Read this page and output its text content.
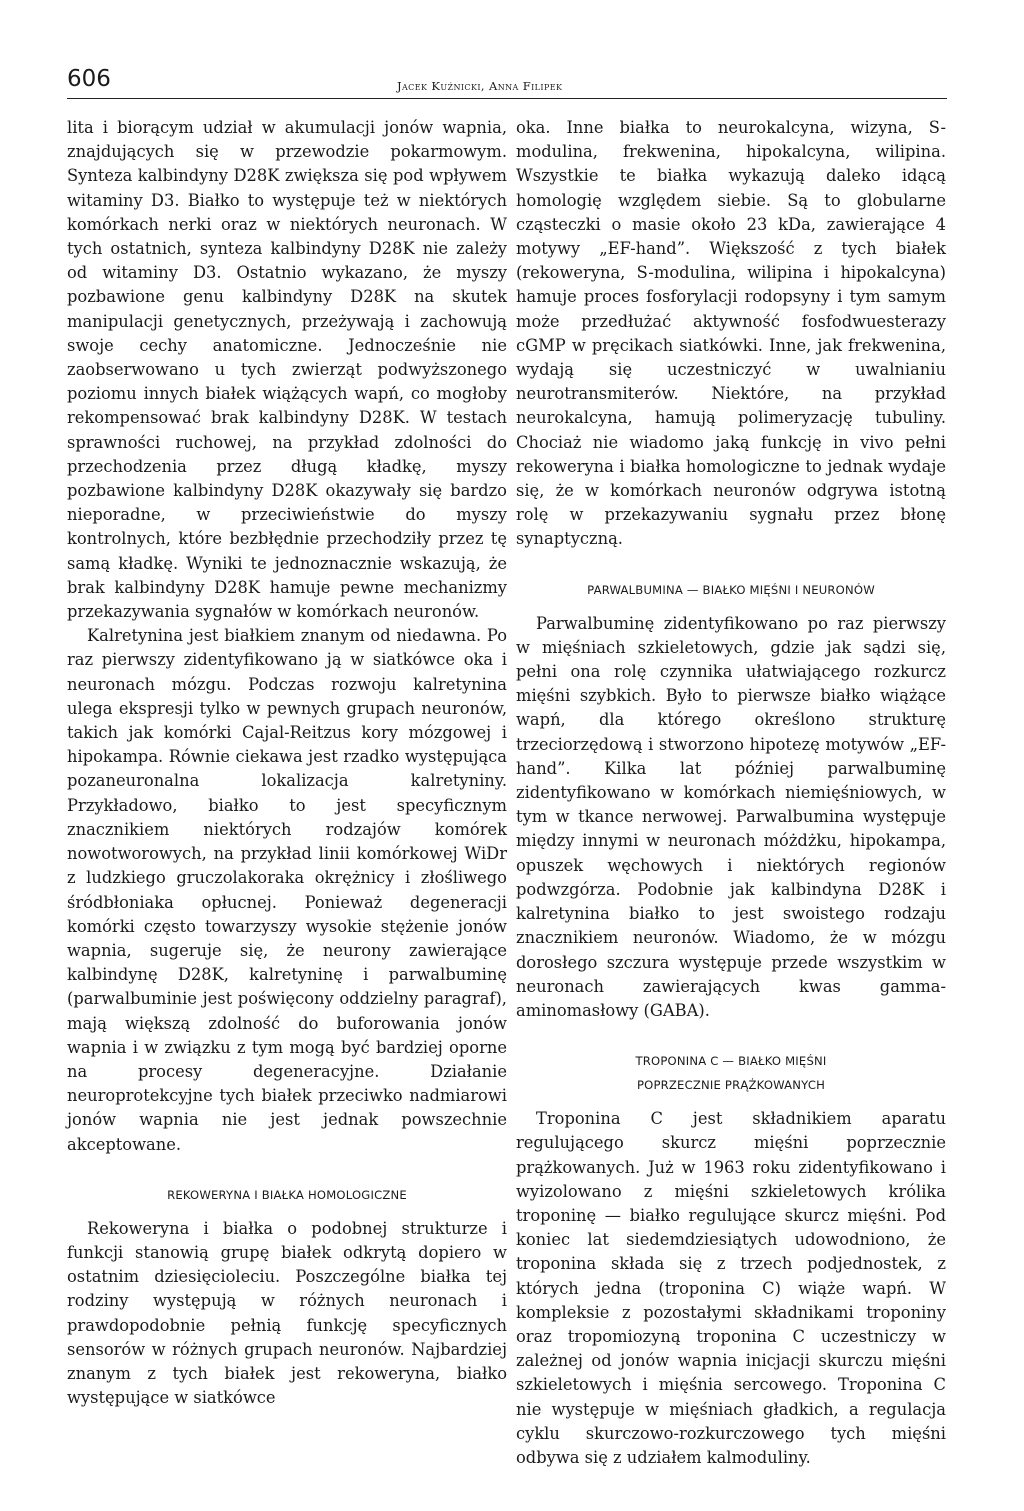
606	Jacek Kuźnicki, Anna Filipek

lita i biorącym udział w akumulacji jonów wapnia, znajdujących się w przewodzie pokarmowym. Synteza kalbindyny D28K zwiększa się pod wpływem witaminy D3. Białko to występuje też w niektórych komórkach nerki oraz w niektórych neuronach. W tych ostatnich, synteza kalbindyny D28K nie zależy od witaminy D3. Ostatnio wykazano, że myszy pozbawione genu kalbindyny D28K na skutek manipulacji genetycznych, przeżywają i zachowują swoje cechy anatomiczne. Jednocześnie nie zaobserwowano u tych zwierząt podwyższonego poziomu innych białek wiążących wapń, co mogłoby rekompensować brak kalbindyny D28K. W testach sprawności ruchowej, na przykład zdolności do przechodzenia przez długą kładkę, myszy pozbawione kalbindyny D28K okazywały się bardzo nieporadne, w przeciwieństwie do myszy kontrolnych, które bezbłędnie przechodziły przez tę samą kładkę. Wyniki te jednoznacznie wskazują, że brak kalbindyny D28K hamuje pewne mechanizmy przekazywania sygnałów w komórkach neuronów.

Kalretynina jest białkiem znanym od niedawna. Po raz pierwszy zidentyfikowano ją w siatkówce oka i neuronach mózgu. Podczas rozwoju kalretynina ulega ekspresji tylko w pewnych grupach neuronów, takich jak komórki Cajal-Reitzus kory mózgowej i hipokampa. Równie ciekawa jest rzadko występująca pozaneuronalna lokalizacja kalretyniny. Przykładowo, białko to jest specyficznym znacznikiem niektórych rodzajów komórek nowotworowych, na przykład linii komórkowej WiDr z ludzkiego gruczolakoraka okrężnicy i złośliwego śródbłoniaka opłucnej. Ponieważ degeneracji komórki często towarzyszy wysokie stężenie jonów wapnia, sugeruje się, że neurony zawierające kalbindynę D28K, kalretyninę i parwalbuminę (parwalbuminie jest poświęcony oddzielny paragraf), mają większą zdolność do buforowania jonów wapnia i w związku z tym mogą być bardziej oporne na procesy degeneracyjne. Działanie neuroprotekcyjne tych białek przeciwko nadmiarowi jonów wapnia nie jest jednak powszechnie akceptowane.

REKOWERYNA I BIAŁKA HOMOLOGICZNE

Rekoweryna i białka o podobnej strukturze i funkcji stanowią grupę białek odkrytą dopiero w ostatnim dziesięcioleciu. Poszczególne białka tej rodziny występują w różnych neuronach i prawdopodobnie pełnią funkcję specyficznych sensorów w różnych grupach neuronów. Najbardziej znanym z tych białek jest rekoweryna, białko występujące w siatkówce

oka. Inne białka to neurokalcyna, wizyna, S-modulina, frekwenina, hipokalcyna, wilipina. Wszystkie te białka wykazują daleko idącą homologię względem siebie. Są to globularne cząsteczki o masie około 23 kDa, zawierające 4 motywy „EF-hand”. Większość z tych białek (rekoweryna, S-modulina, wilipina i hipokalcyna) hamuje proces fosforylacji rodopsyny i tym samym może przedłużać aktywność fosfodwuesterazy cGMP w pręcikach siatkówki. Inne, jak frekwenina, wydają się uczestniczyć w uwalnianiu neurotransmiterów. Niektóre, na przykład neurokalcyna, hamują polimeryzację tubuliny. Chociaż nie wiadomo jaką funkcję in vivo pełni rekoweryna i białka homologiczne to jednak wydaje się, że w komórkach neuronów odgrywa istotną rolę w przekazywaniu sygnału przez błonę synaptyczną.

PARWALBUMINA — BIAŁKO MIĘŚNI I NEURONÓW

Parwalbuminę zidentyfikowano po raz pierwszy w mięśniach szkieletowych, gdzie jak sądzi się, pełni ona rolę czynnika ułatwiającego rozkurcz mięśni szybkich. Było to pierwsze białko wiążące wapń, dla którego określono strukturę trzeciorzędową i stworzono hipotezę motywów „EF-hand”. Kilka lat później parwalbuminę zidentyfikowano w komórkach niemięśniowych, w tym w tkance nerwowej. Parwalbumina występuje między innymi w neuronach móżdżku, hipokampa, opuszek węchowych i niektórych regionów podwzgórza. Podobnie jak kalbindyna D28K i kalretynina białko to jest swoistego rodzaju znacznikiem neuronów. Wiadomo, że w mózgu dorosłego szczura występuje przede wszystkim w neuronach zawierających kwas gamma-aminomasłowy (GABA).

TROPONINA C — BIAŁKO MIĘŚNI
POPRZECZNIE PRĄŻKOWANYCH

Troponina C jest składnikiem aparatu regulującego skurcz mięśni poprzecznie prążkowanych. Już w 1963 roku zidentyfikowano i wyizolowano z mięśni szkieletowych królika troponinę — białko regulujące skurcz mięśni. Pod koniec lat siedemdziesiątych udowodniono, że troponina składa się z trzech podjednostek, z których jedna (troponina C) wiąże wapń. W kompleksie z pozostałymi składnikami troponiny oraz tropomiozyną troponina C uczestniczy w zależnej od jonów wapnia inicjacji skurczu mięśni szkieletowych i mięśnia sercowego. Troponina C nie występuje w mięśniach gładkich, a regulacja cyklu skurczowo-rozkurczowego tych mięśni odbywa się z udziałem kalmoduliny.
